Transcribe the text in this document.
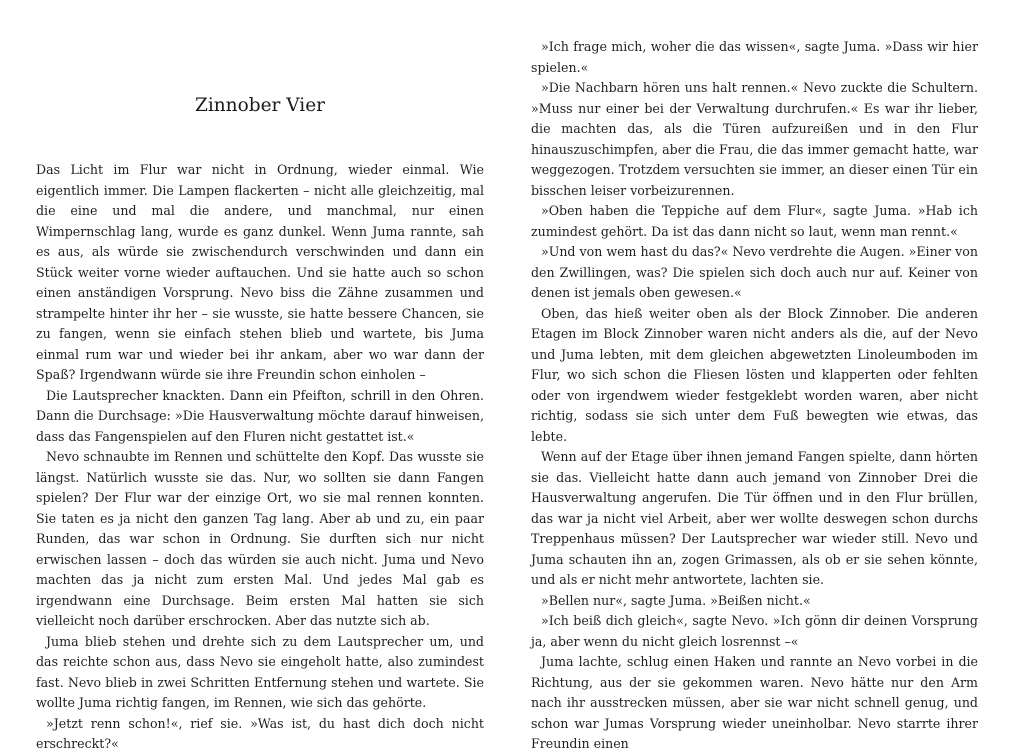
Zinnober Vier

Das Licht im Flur war nicht in Ordnung, wieder einmal. Wie eigentlich immer. Die Lampen flackerten – nicht alle gleichzeitig, mal die eine und mal die andere, und manchmal, nur einen Wimpernschlag lang, wurde es ganz dunkel. Wenn Juma rannte, sah es aus, als würde sie zwischendurch verschwinden und dann ein Stück weiter vorne wieder auftauchen. Und sie hatte auch so schon einen anständigen Vorsprung. Nevo biss die Zähne zusammen und strampelte hinter ihr her – sie wusste, sie hatte bessere Chancen, sie zu fangen, wenn sie einfach stehen blieb und wartete, bis Juma einmal rum war und wieder bei ihr ankam, aber wo war dann der Spaß? Irgendwann würde sie ihre Freundin schon einholen –

Die Lautsprecher knackten. Dann ein Pfeifton, schrill in den Ohren. Dann die Durchsage: »Die Hausverwaltung möchte darauf hinweisen, dass das Fangenspielen auf den Fluren nicht gestattet ist.«

Nevo schnaubte im Rennen und schüttelte den Kopf. Das wusste sie längst. Natürlich wusste sie das. Nur, wo sollten sie dann Fangen spielen? Der Flur war der einzige Ort, wo sie mal rennen konnten. Sie taten es ja nicht den ganzen Tag lang. Aber ab und zu, ein paar Runden, das war schon in Ordnung. Sie durften sich nur nicht erwischen lassen – doch das würden sie auch nicht. Juma und Nevo machten das ja nicht zum ersten Mal. Und jedes Mal gab es irgendwann eine Durchsage. Beim ersten Mal hatten sie sich vielleicht noch darüber erschrocken. Aber das nutzte sich ab.

Juma blieb stehen und drehte sich zu dem Lautsprecher um, und das reichte schon aus, dass Nevo sie eingeholt hatte, also zumindest fast. Nevo blieb in zwei Schritten Entfernung stehen und wartete. Sie wollte Juma richtig fangen, im Rennen, wie sich das gehörte.

»Jetzt renn schon!«, rief sie. »Was ist, du hast dich doch nicht erschreckt?«

»Ich frage mich, woher die das wissen«, sagte Juma. »Dass wir hier spielen.«

»Die Nachbarn hören uns halt rennen.« Nevo zuckte die Schultern. »Muss nur einer bei der Verwaltung durchrufen.« Es war ihr lieber, die machten das, als die Türen aufzureißen und in den Flur hinauszuschimpfen, aber die Frau, die das immer gemacht hatte, war weggezogen. Trotzdem versuchten sie immer, an dieser einen Tür ein bisschen leiser vorbeizurennen.

»Oben haben die Teppiche auf dem Flur«, sagte Juma. »Hab ich zumindest gehört. Da ist das dann nicht so laut, wenn man rennt.«

»Und von wem hast du das?« Nevo verdrehte die Augen. »Einer von den Zwillingen, was? Die spielen sich doch auch nur auf. Keiner von denen ist jemals oben gewesen.«

Oben, das hieß weiter oben als der Block Zinnober. Die anderen Etagen im Block Zinnober waren nicht anders als die, auf der Nevo und Juma lebten, mit dem gleichen abgewetzten Linoleumboden im Flur, wo sich schon die Fliesen lösten und klapperten oder fehlten oder von irgendwem wieder festgeklebt worden waren, aber nicht richtig, sodass sie sich unter dem Fuß bewegten wie etwas, das lebte.

Wenn auf der Etage über ihnen jemand Fangen spielte, dann hörten sie das. Vielleicht hatte dann auch jemand von Zinnober Drei die Hausverwaltung angerufen. Die Tür öffnen und in den Flur brüllen, das war ja nicht viel Arbeit, aber wer wollte deswegen schon durchs Treppenhaus müssen? Der Lautsprecher war wieder still. Nevo und Juma schauten ihn an, zogen Grimassen, als ob er sie sehen könnte, und als er nicht mehr antwortete, lachten sie.

»Bellen nur«, sagte Juma. »Beißen nicht.«

»Ich beiß dich gleich«, sagte Nevo. »Ich gönn dir deinen Vorsprung ja, aber wenn du nicht gleich losrennst –«

Juma lachte, schlug einen Haken und rannte an Nevo vorbei in die Richtung, aus der sie gekommen waren. Nevo hätte nur den Arm nach ihr ausstrecken müssen, aber sie war nicht schnell genug, und schon war Jumas Vorsprung wieder uneinholbar. Nevo starrte ihrer Freundin einen
